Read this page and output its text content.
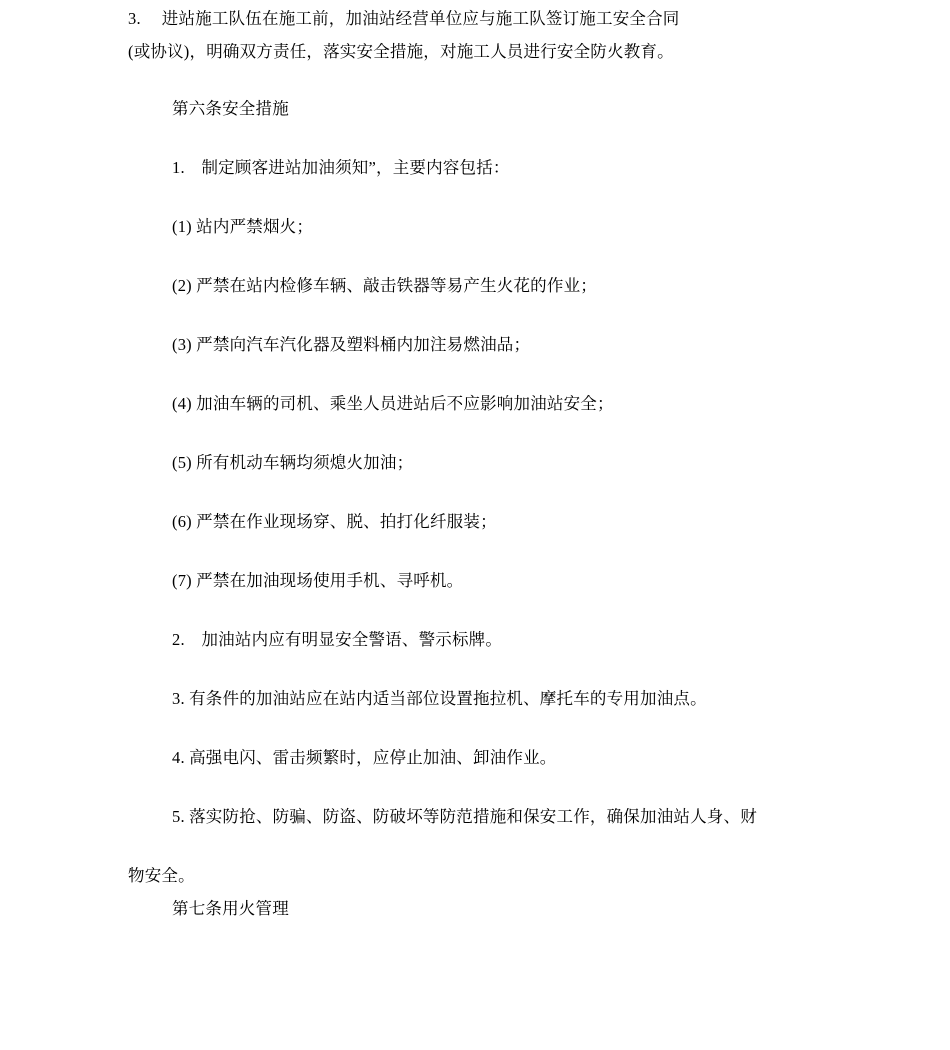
3.　 进站施工队伍在施工前，加油站经营单位应与施工队签订施工安全合同

(或协议)，明确双方责任，落实安全措施，对施工人员进行安全防火教育。

第六条安全措施

1.　制定顾客进站加油须知”，主要内容包括：

(1) 站内严禁烟火；

(2) 严禁在站内检修车辆、敲击铁器等易产生火花的作业；

(3) 严禁向汽车汽化器及塑料桶内加注易燃油品；

(4) 加油车辆的司机、乘坐人员进站后不应影响加油站安全；

(5) 所有机动车辆均须熄火加油；

(6) 严禁在作业现场穿、脱、拍打化纤服装；

(7) 严禁在加油现场使用手机、寻呼机。

2.　加油站内应有明显安全警语、警示标牌。

3. 有条件的加油站应在站内适当部位设置拖拉机、摩托车的专用加油点。

4. 高强电闪、雷击频繁时，应停止加油、卸油作业。

5. 落实防抢、防骗、防盗、防破坏等防范措施和保安工作，确保加油站人身、财

物安全。

第七条用火管理
